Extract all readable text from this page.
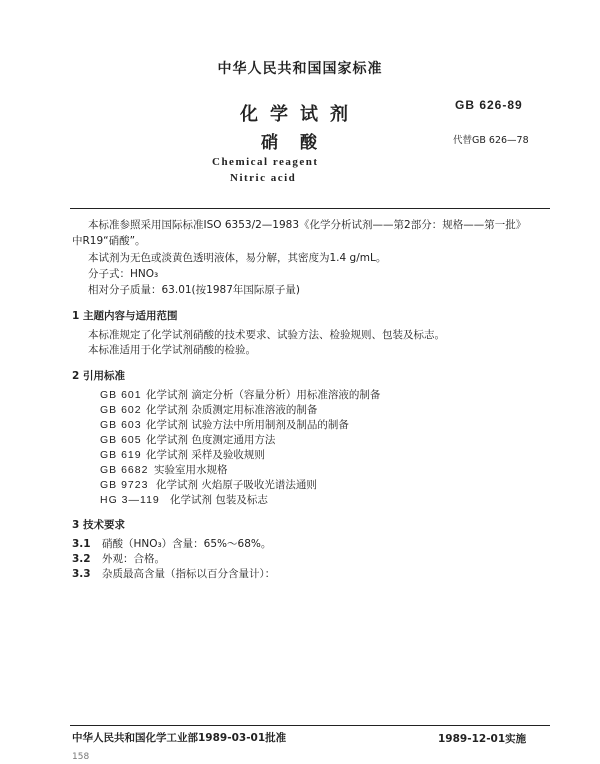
中华人民共和国国家标准
化学试剂
硝酸
Chemical reagent
Nitric acid
GB 626-89
代替GB 626—78
本标准参照采用国际标准ISO 6353/2—1983《化学分析试剂——第2部分：规格——第一批》
中R19“硝酸”。
本试剂为无色或淡黄色透明液体，易分解，其密度为1.4 g/mL。
分子式：HNO₃
相对分子质量：63.01(按1987年国际原子量)
1 主题内容与适用范围
本标准规定了化学试剂硝酸的技术要求、试验方法、检验规则、包装及标志。
本标准适用于化学试剂硝酸的检验。
2 引用标准
GB 601 化学试剂 滴定分析（容量分析）用标准溶液的制备
GB 602 化学试剂 杂质测定用标准溶液的制备
GB 603 化学试剂 试验方法中所用制剂及制品的制备
GB 605 化学试剂 色度测定通用方法
GB 619 化学试剂 采样及验收规则
GB 6682 实验室用水规格
GB 9723 化学试剂 火焰原子吸收光谱法通则
HG 3—119 化学试剂 包装及标志
3 技术要求
3.1 硝酸（HNO₃）含量：65%～68%。
3.2 外观：合格。
3.3 杂质最高含量（指标以百分含量计）：
中华人民共和国化学工业部1989-03-01批准	1989-12-01实施
158
